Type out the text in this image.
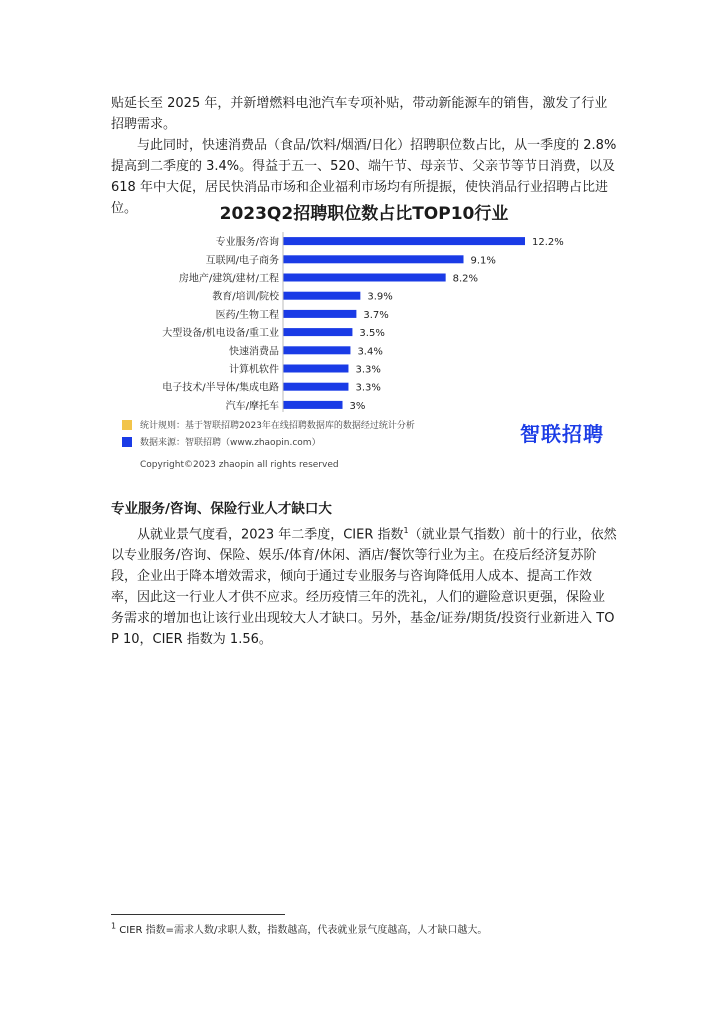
贴延长至 2025 年，并新增燃料电池汽车专项补贴，带动新能源车的销售，激发了行业招聘需求。

与此同时，快速消费品（食品/饮料/烟酒/日化）招聘职位数占比，从一季度的 2.8%提高到二季度的 3.4%。得益于五一、520、端午节、母亲节、父亲节等节日消费，以及 618 年中大促，居民快消品市场和企业福利市场均有所提振，使快消品行业招聘占比进位。	2023Q2招聘职位数占比TOP10行业

专业服务/咨询	12.2%
互联网/电子商务	9.1%
房地产/建筑/建材/工程	8.2%
教育/培训/院校	3.9%
医药/生物工程	3.7%
大型设备/机电设备/重工业	3.5%
快速消费品	3.4%
计算机软件	3.3%
电子技术/半导体/集成电路	3.3%
汽车/摩托车	3%
统计规则：基于智联招聘2023年在线招聘数据库的数据经过统计分析
数据来源：智联招聘（www.zhaopin.com）	智联招聘
Copyright©2023 zhaopin all rights reserved

专业服务/咨询、保险行业人才缺口大

从就业景气度看，2023 年二季度，CIER 指数$^1$（就业景气指数）前十的行业，依然以专业服务/咨询、保险、娱乐/体育/休闲、酒店/餐饮等行业为主。在疫后经济复苏阶段，企业出于降本增效需求，倾向于通过专业服务与咨询降低用人成本、提高工作效率，因此这一行业人才供不应求。经历疫情三年的洗礼，人们的避险意识更强，保险业务需求的增加也让该行业出现较大人才缺口。另外，基金/证券/期货/投资行业新进入 TOP 10，CIER 指数为 1.56。

$^1$ CIER 指数=需求人数/求职人数，指数越高，代表就业景气度越高，人才缺口越大。
